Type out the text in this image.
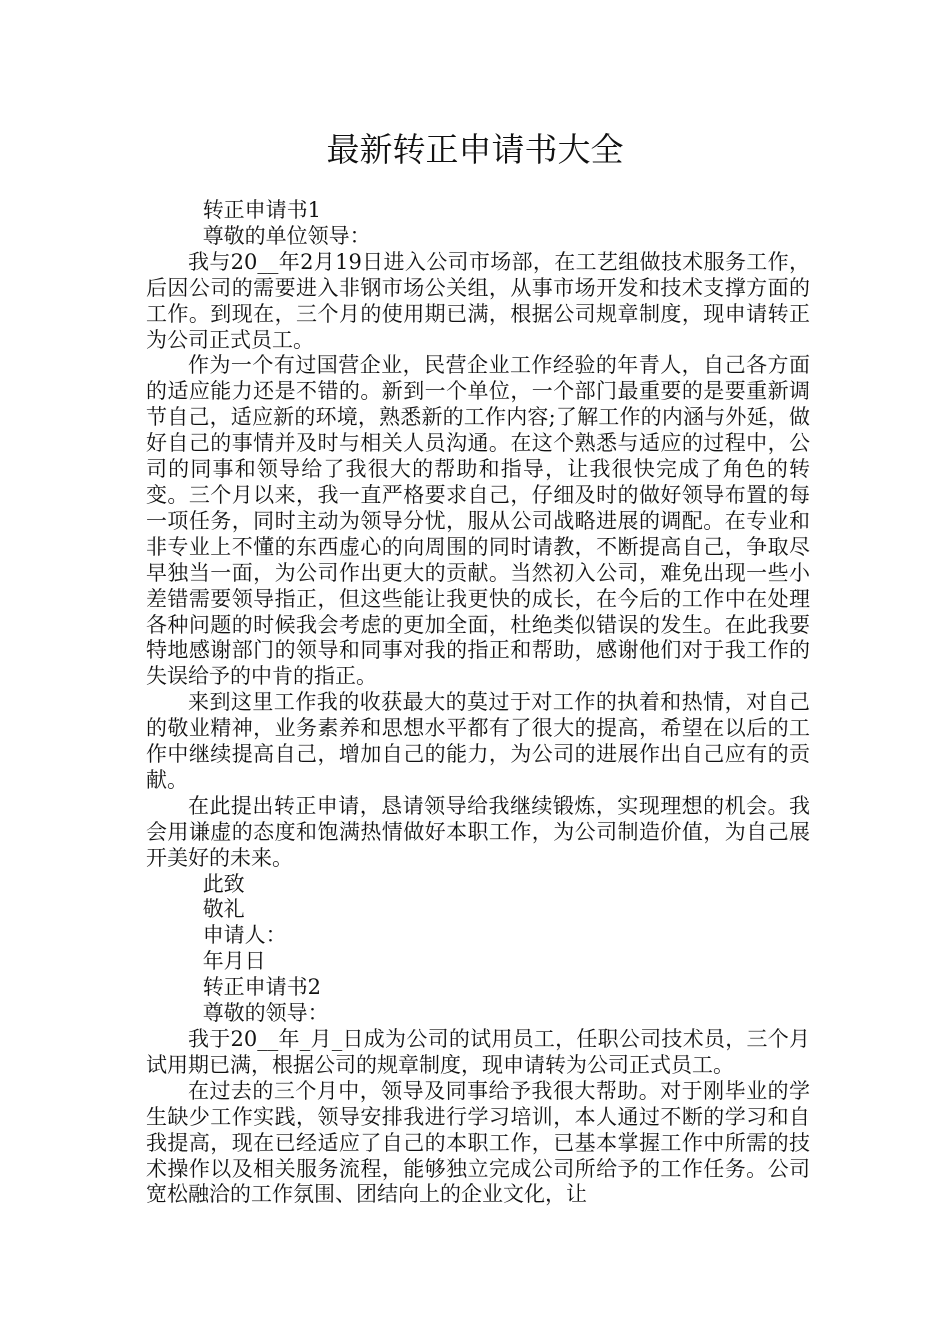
最新转正申请书大全

转正申请书1

尊敬的单位领导：

我与20__年2月19日进入公司市场部，在工艺组做技术服务工作，后因公司的需要进入非钢市场公关组，从事市场开发和技术支撑方面的工作。到现在，三个月的使用期已满，根据公司规章制度，现申请转正为公司正式员工。

作为一个有过国营企业，民营企业工作经验的年青人，自己各方面的适应能力还是不错的。新到一个单位，一个部门最重要的是要重新调节自己，适应新的环境，熟悉新的工作内容;了解工作的内涵与外延，做好自己的事情并及时与相关人员沟通。在这个熟悉与适应的过程中，公司的同事和领导给了我很大的帮助和指导，让我很快完成了角色的转变。三个月以来，我一直严格要求自己，仔细及时的做好领导布置的每一项任务，同时主动为领导分忧，服从公司战略进展的调配。在专业和非专业上不懂的东西虚心的向周围的同时请教，不断提高自己，争取尽早独当一面，为公司作出更大的贡献。当然初入公司，难免出现一些小差错需要领导指正，但这些能让我更快的成长，在今后的工作中在处理各种问题的时候我会考虑的更加全面，杜绝类似错误的发生。在此我要特地感谢部门的领导和同事对我的指正和帮助，感谢他们对于我工作的失误给予的中肯的指正。

来到这里工作我的收获最大的莫过于对工作的执着和热情，对自己的敬业精神，业务素养和思想水平都有了很大的提高，希望在以后的工作中继续提高自己，增加自己的能力，为公司的进展作出自己应有的贡献。

在此提出转正申请，恳请领导给我继续锻炼，实现理想的机会。我会用谦虚的态度和饱满热情做好本职工作，为公司制造价值，为自己展开美好的未来。

此致

敬礼

申请人：

年月日

转正申请书2

尊敬的领导：

我于20__年_月_日成为公司的试用员工，任职公司技术员，三个月试用期已满，根据公司的规章制度，现申请转为公司正式员工。

在过去的三个月中，领导及同事给予我很大帮助。对于刚毕业的学生缺少工作实践，领导安排我进行学习培训，本人通过不断的学习和自我提高，现在已经适应了自己的本职工作，已基本掌握工作中所需的技术操作以及相关服务流程，能够独立完成公司所给予的工作任务。公司宽松融洽的工作氛围、团结向上的企业文化，让
